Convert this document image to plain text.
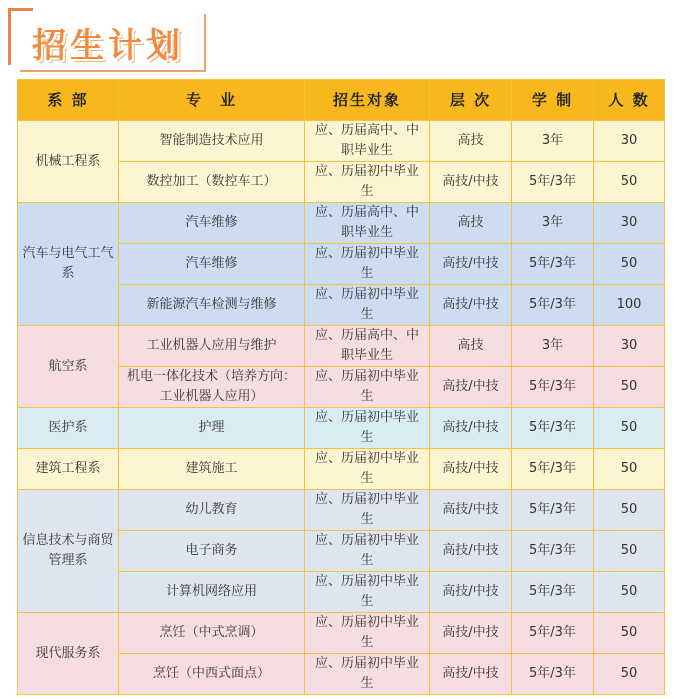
招生计划
系 部	专　业	招生对象	层 次	学 制	人 数
机械工程系	智能制造技术应用	应、历届高中、中职毕业生	高技	3年	30
	数控加工（数控车工）	应、历届初中毕业生	高技/中技	5年/3年	50
汽车与电气工气系	汽车维修	应、历届高中、中职毕业生	高技	3年	30
	汽车维修	应、历届初中毕业生	高技/中技	5年/3年	50
	新能源汽车检测与维修	应、历届初中毕业生	高技/中技	5年/3年	100
航空系	工业机器人应用与维护	应、历届高中、中职毕业生	高技	3年	30
	机电一体化技术（培养方向：工业机器人应用）	应、历届初中毕业生	高技/中技	5年/3年	50
医护系	护理	应、历届初中毕业生	高技/中技	5年/3年	50
建筑工程系	建筑施工	应、历届初中毕业生	高技/中技	5年/3年	50
信息技术与商贸管理系	幼儿教育	应、历届初中毕业生	高技/中技	5年/3年	50
	电子商务	应、历届初中毕业生	高技/中技	5年/3年	50
	计算机网络应用	应、历届初中毕业生	高技/中技	5年/3年	50
现代服务系	烹饪（中式烹调）	应、历届初中毕业生	高技/中技	5年/3年	50
	烹饪（中西式面点）	应、历届初中毕业生	高技/中技	5年/3年	50
